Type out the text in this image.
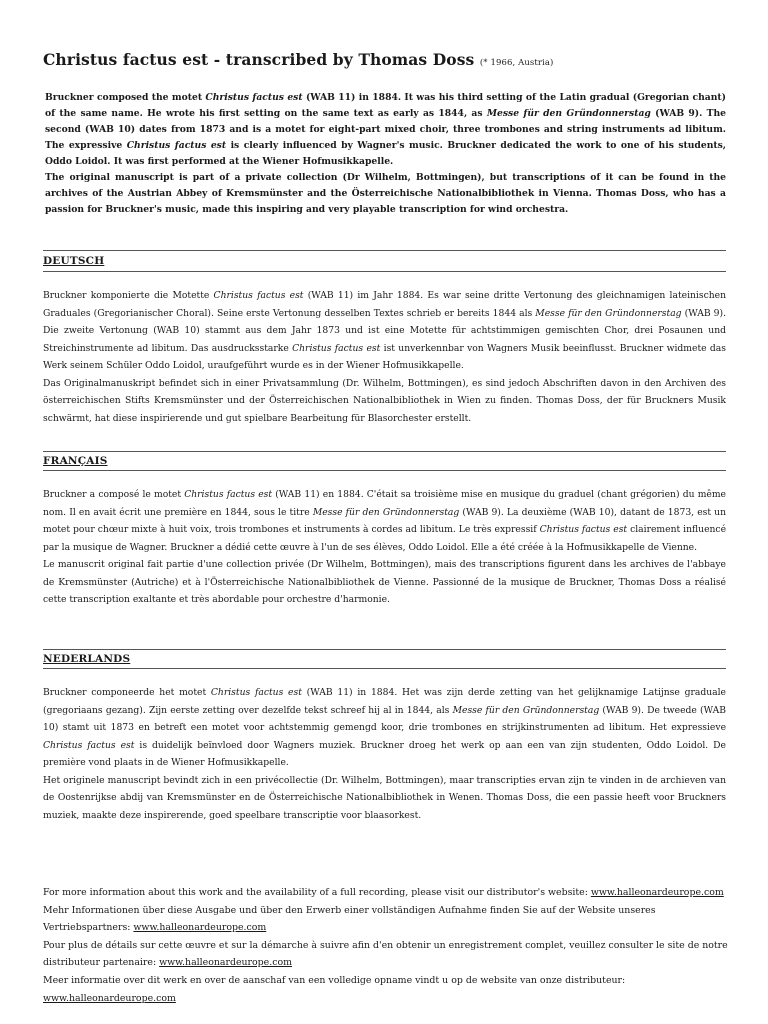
Christus factus est - transcribed by Thomas Doss (* 1966, Austria)

Bruckner composed the motet Christus factus est (WAB 11) in 1884. It was his third setting of the Latin gradual (Gregorian chant) of the same name. He wrote his first setting on the same text as early as 1844, as Messe für den Gründonnerstag (WAB 9). The second (WAB 10) dates from 1873 and is a motet for eight-part mixed choir, three trombones and string instruments ad libitum. The expressive Christus factus est is clearly influenced by Wagner's music. Bruckner dedicated the work to one of his students, Oddo Loidol. It was first performed at the Wiener Hofmusikkapelle.

The original manuscript is part of a private collection (Dr Wilhelm, Bottmingen), but transcriptions of it can be found in the archives of the Austrian Abbey of Kremsmünster and the Österreichische Nationalbibliothek in Vienna. Thomas Doss, who has a passion for Bruckner's music, made this inspiring and very playable transcription for wind orchestra.

DEUTSCH

Bruckner komponierte die Motette Christus factus est (WAB 11) im Jahr 1884. Es war seine dritte Vertonung des gleichnamigen lateinischen Graduales (Gregorianischer Choral). Seine erste Vertonung desselben Textes schrieb er bereits 1844 als Messe für den Gründonnerstag (WAB 9). Die zweite Vertonung (WAB 10) stammt aus dem Jahr 1873 und ist eine Motette für achtstimmigen gemischten Chor, drei Posaunen und Streichinstrumente ad libitum. Das ausdrucksstarke Christus factus est ist unverkennbar von Wagners Musik beeinflusst. Bruckner widmete das Werk seinem Schüler Oddo Loidol, uraufgeführt wurde es in der Wiener Hofmusikkapelle.

Das Originalmanuskript befindet sich in einer Privatsammlung (Dr. Wilhelm, Bottmingen), es sind jedoch Abschriften davon in den Archiven des österreichischen Stifts Kremsmünster und der Österreichischen Nationalbibliothek in Wien zu finden. Thomas Doss, der für Bruckners Musik schwärmt, hat diese inspirierende und gut spielbare Bearbeitung für Blasorchester erstellt.

FRANÇAIS

Bruckner a composé le motet Christus factus est (WAB 11) en 1884. C'était sa troisième mise en musique du graduel (chant grégorien) du même nom. Il en avait écrit une première en 1844, sous le titre Messe für den Gründonnerstag (WAB 9). La deuxième (WAB 10), datant de 1873, est un motet pour chœur mixte à huit voix, trois trombones et instruments à cordes ad libitum. Le très expressif Christus factus est clairement influencé par la musique de Wagner. Bruckner a dédié cette œuvre à l'un de ses élèves, Oddo Loidol. Elle a été créée à la Hofmusikkapelle de Vienne.

Le manuscrit original fait partie d'une collection privée (Dr Wilhelm, Bottmingen), mais des transcriptions figurent dans les archives de l'abbaye de Kremsmünster (Autriche) et à l'Österreichische Nationalbibliothek de Vienne. Passionné de la musique de Bruckner, Thomas Doss a réalisé cette transcription exaltante et très abordable pour orchestre d'harmonie.

NEDERLANDS

Bruckner componeerde het motet Christus factus est (WAB 11) in 1884. Het was zijn derde zetting van het gelijknamige Latijnse graduale (gregoriaans gezang). Zijn eerste zetting over dezelfde tekst schreef hij al in 1844, als Messe für den Gründonnerstag (WAB 9). De tweede (WAB 10) stamt uit 1873 en betreft een motet voor achtstemmig gemengd koor, drie trombones en strijkinstrumenten ad libitum. Het expressieve Christus factus est is duidelijk beïnvloed door Wagners muziek. Bruckner droeg het werk op aan een van zijn studenten, Oddo Loidol. De première vond plaats in de Wiener Hofmusikkapelle.

Het originele manuscript bevindt zich in een privécollectie (Dr. Wilhelm, Bottmingen), maar transcripties ervan zijn te vinden in de archieven van de Oostenrijkse abdij van Kremsmünster en de Österreichische Nationalbibliothek in Wenen. Thomas Doss, die een passie heeft voor Bruckners muziek, maakte deze inspirerende, goed speelbare transcriptie voor blaasorkest.

For more information about this work and the availability of a full recording, please visit our distributor's website: www.halleonardeurope.com

Mehr Informationen über diese Ausgabe und über den Erwerb einer vollständigen Aufnahme finden Sie auf der Website unseres Vertriebspartners: www.halleonardeurope.com

Pour plus de détails sur cette œuvre et sur la démarche à suivre afin d'en obtenir un enregistrement complet, veuillez consulter le site de notre distributeur partenaire: www.halleonardeurope.com

Meer informatie over dit werk en over de aanschaf van een volledige opname vindt u op de website van onze distributeur: www.halleonardeurope.com
